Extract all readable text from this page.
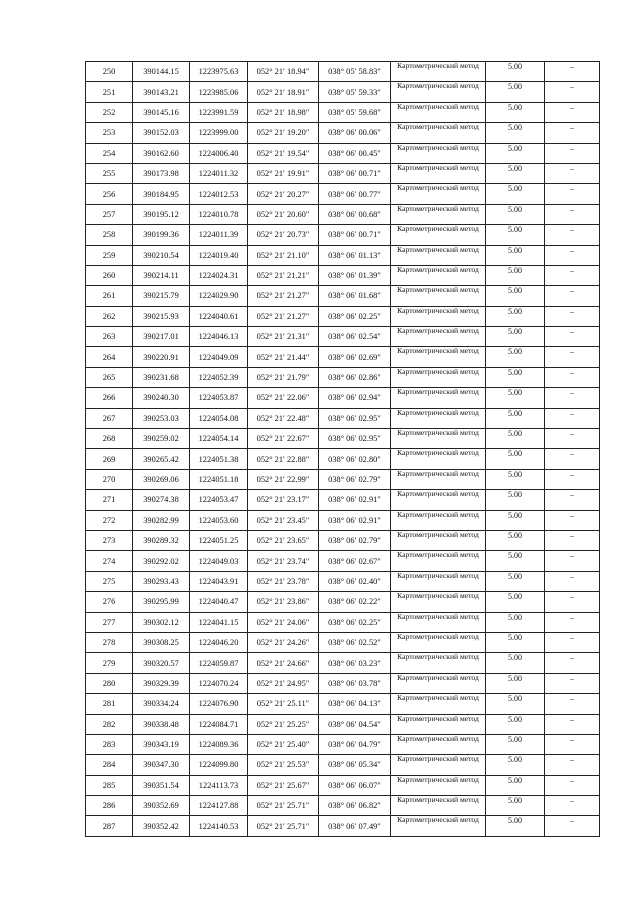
250	390144.15	1223975.63	052° 21′ 18.94″	038° 05′ 58.83″	Картометрический метод	5.00	–
251	390143.21	1223985.06	052° 21′ 18.91″	038° 05′ 59.33″	Картометрический метод	5.00	–
252	390145.16	1223991.59	052° 21′ 18.98″	038° 05′ 59.68″	Картометрический метод	5.00	–
253	390152.03	1223999.00	052° 21′ 19.20″	038° 06′ 00.06″	Картометрический метод	5.00	–
254	390162.60	1224006.40	052° 21′ 19.54″	038° 06′ 00.45″	Картометрический метод	5.00	–
255	390173.98	1224011.32	052° 21′ 19.91″	038° 06′ 00.71″	Картометрический метод	5.00	–
256	390184.95	1224012.53	052° 21′ 20.27″	038° 06′ 00.77″	Картометрический метод	5.00	–
257	390195.12	1224010.78	052° 21′ 20.60″	038° 06′ 00.68″	Картометрический метод	5.00	–
258	390199.36	1224011.39	052° 21′ 20.73″	038° 06′ 00.71″	Картометрический метод	5.00	–
259	390210.54	1224019.40	052° 21′ 21.10″	038° 06′ 01.13″	Картометрический метод	5.00	–
260	390214.11	1224024.31	052° 21′ 21.21″	038° 06′ 01.39″	Картометрический метод	5.00	–
261	390215.79	1224029.90	052° 21′ 21.27″	038° 06′ 01.68″	Картометрический метод	5.00	–
262	390215.93	1224040.61	052° 21′ 21.27″	038° 06′ 02.25″	Картометрический метод	5.00	–
263	390217.01	1224046.13	052° 21′ 21.31″	038° 06′ 02.54″	Картометрический метод	5.00	–
264	390220.91	1224049.09	052° 21′ 21.44″	038° 06′ 02.69″	Картометрический метод	5.00	–
265	390231.68	1224052.39	052° 21′ 21.79″	038° 06′ 02.86″	Картометрический метод	5.00	–
266	390240.30	1224053.87	052° 21′ 22.06″	038° 06′ 02.94″	Картометрический метод	5.00	–
267	390253.03	1224054.08	052° 21′ 22.48″	038° 06′ 02.95″	Картометрический метод	5.00	–
268	390259.02	1224054.14	052° 21′ 22.67″	038° 06′ 02.95″	Картометрический метод	5.00	–
269	390265.42	1224051.38	052° 21′ 22.88″	038° 06′ 02.80″	Картометрический метод	5.00	–
270	390269.06	1224051.18	052° 21′ 22.99″	038° 06′ 02.79″	Картометрический метод	5.00	–
271	390274.38	1224053.47	052° 21′ 23.17″	038° 06′ 02.91″	Картометрический метод	5.00	–
272	390282.99	1224053.60	052° 21′ 23.45″	038° 06′ 02.91″	Картометрический метод	5.00	–
273	390289.32	1224051.25	052° 21′ 23.65″	038° 06′ 02.79″	Картометрический метод	5.00	–
274	390292.02	1224049.03	052° 21′ 23.74″	038° 06′ 02.67″	Картометрический метод	5.00	–
275	390293.43	1224043.91	052° 21′ 23.78″	038° 06′ 02.40″	Картометрический метод	5.00	–
276	390295.99	1224040.47	052° 21′ 23.86″	038° 06′ 02.22″	Картометрический метод	5.00	–
277	390302.12	1224041.15	052° 21′ 24.06″	038° 06′ 02.25″	Картометрический метод	5.00	–
278	390308.25	1224046.20	052° 21′ 24.26″	038° 06′ 02.52″	Картометрический метод	5.00	–
279	390320.57	1224059.87	052° 21′ 24.66″	038° 06′ 03.23″	Картометрический метод	5.00	–
280	390329.39	1224070.24	052° 21′ 24.95″	038° 06′ 03.78″	Картометрический метод	5.00	–
281	390334.24	1224076.90	052° 21′ 25.11″	038° 06′ 04.13″	Картометрический метод	5.00	–
282	390338.48	1224084.71	052° 21′ 25.25″	038° 06′ 04.54″	Картометрический метод	5.00	–
283	390343.19	1224089.36	052° 21′ 25.40″	038° 06′ 04.79″	Картометрический метод	5.00	–
284	390347.30	1224099.80	052° 21′ 25.53″	038° 06′ 05.34″	Картометрический метод	5.00	–
285	390351.54	1224113.73	052° 21′ 25.67″	038° 06′ 06.07″	Картометрический метод	5.00	–
286	390352.69	1224127.88	052° 21′ 25.71″	038° 06′ 06.82″	Картометрический метод	5.00	–
287	390352.42	1224140.53	052° 21′ 25.71″	038° 06′ 07.49″	Картометрический метод	5.00	–
